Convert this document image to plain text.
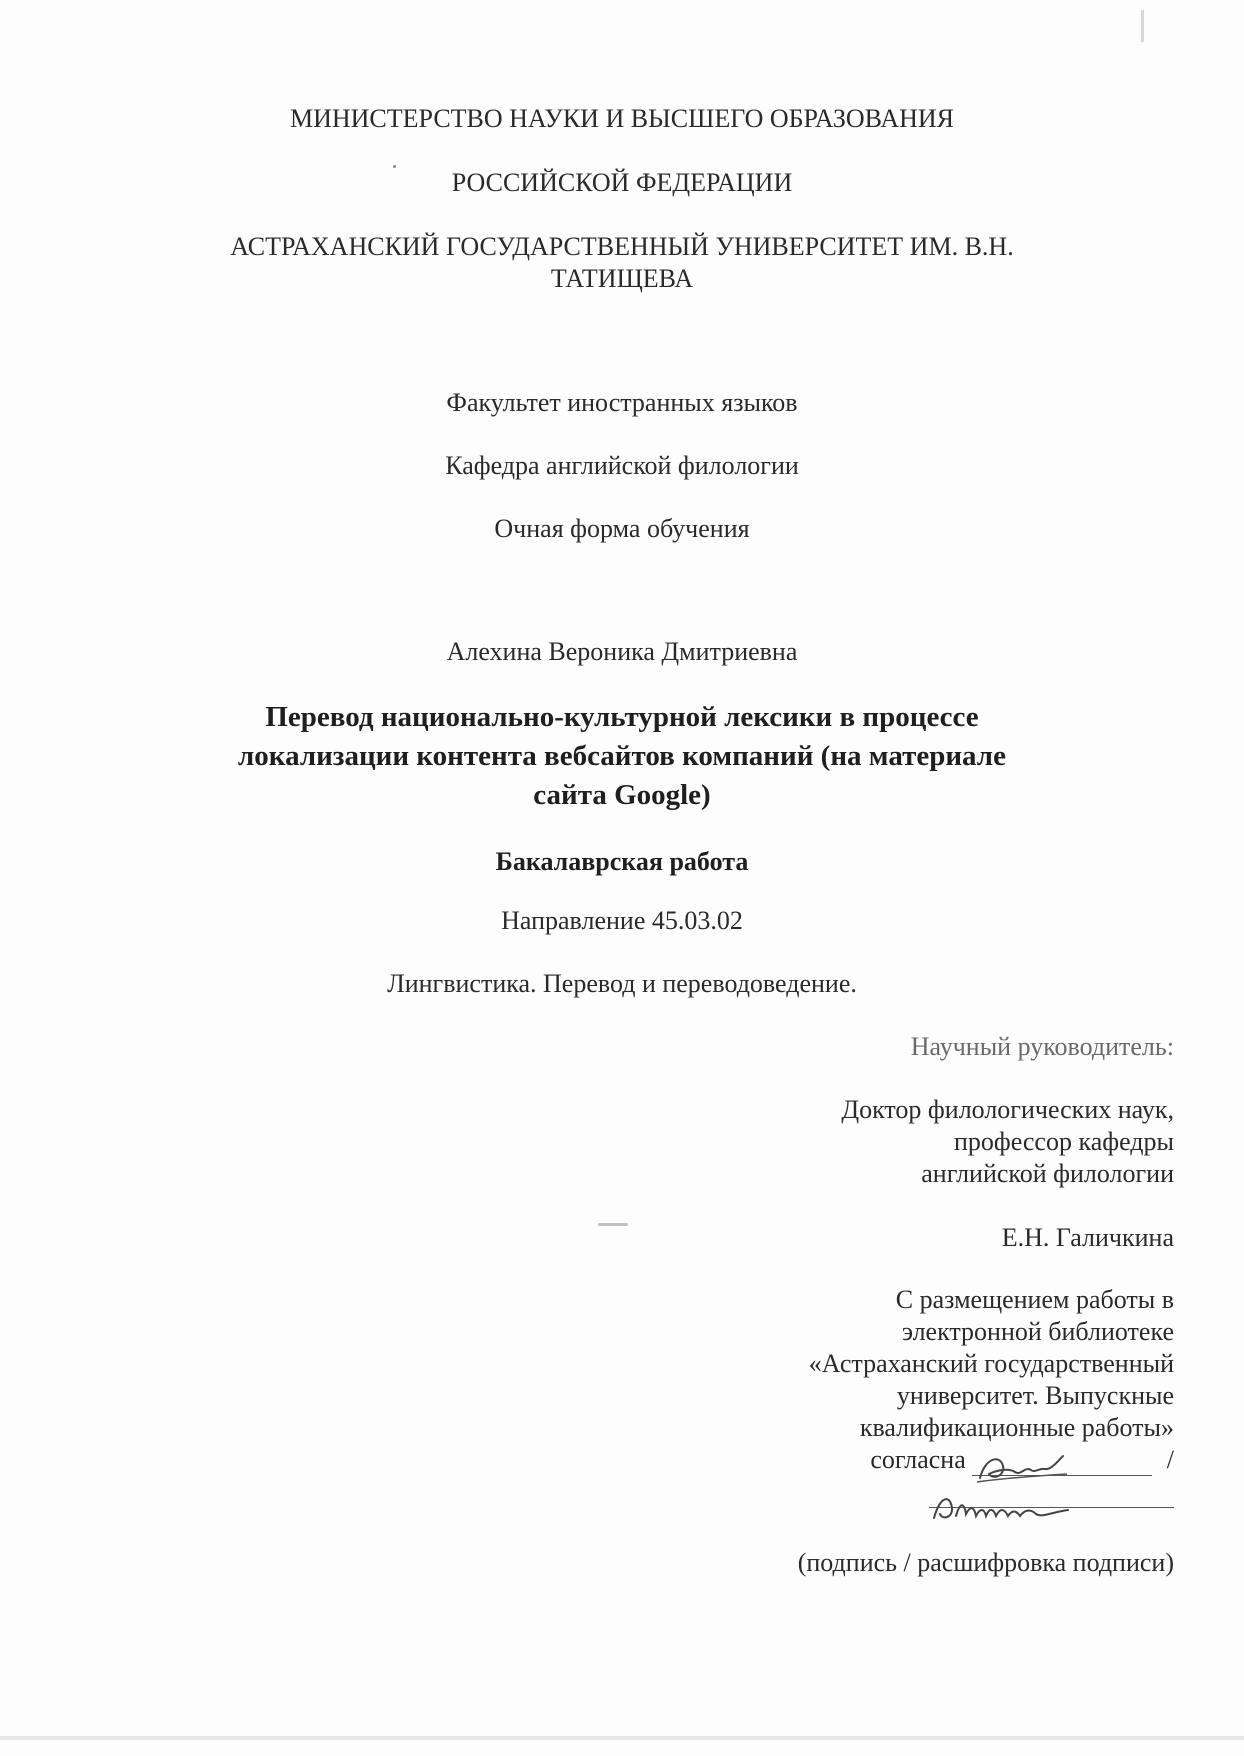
МИНИСТЕРСТВО НАУКИ И ВЫСШЕГО ОБРАЗОВАНИЯ
РОССИЙСКОЙ ФЕДЕРАЦИИ
АСТРАХАНСКИЙ ГОСУДАРСТВЕННЫЙ УНИВЕРСИТЕТ ИМ. В.Н.
ТАТИЩЕВА
Факультет иностранных языков
Кафедра английской филологии
Очная форма обучения
Алехина Вероника Дмитриевна
Перевод национально-культурной лексики в процессе
локализации контента вебсайтов компаний (на материале
сайта Google)
Бакалаврская работа
Направление 45.03.02
Лингвистика. Перевод и переводоведение.
Научный руководитель:
Доктор филологических наук,
профессор кафедры
английской филологии
Е.Н. Галичкина
С размещением работы в
электронной библиотеке
«Астраханский государственный
университет. Выпускные
квалификационные работы»
согласна	/
(подпись / расшифровка подписи)
